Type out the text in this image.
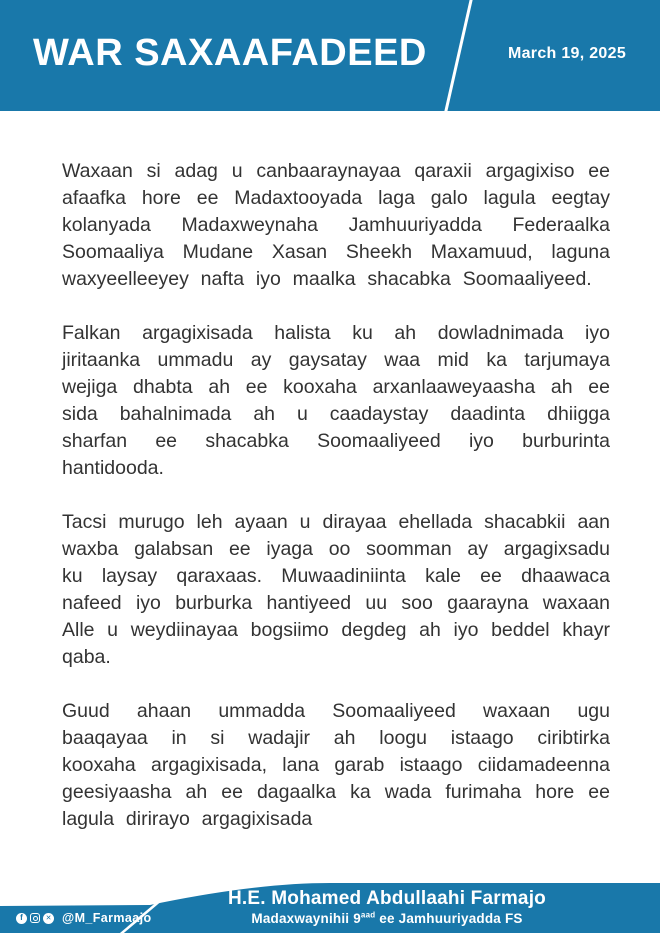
WAR SAXAAFADEED	March 19, 2025

Waxaan si adag u canbaaraynayaa qaraxii argagixiso ee afaafka hore ee Madaxtooyada laga galo lagula eegtay kolanyada Madaxweynaha Jamhuuriyadda Federaalka Soomaaliya Mudane Xasan Sheekh Maxamuud, laguna waxyeelleeyey nafta iyo maalka shacabka Soomaaliyeed.

Falkan argagixisada halista ku ah dowladnimada iyo jiritaanka ummadu ay gaysatay waa mid ka tarjumaya wejiga dhabta ah ee kooxaha arxanlaaweyaasha ah ee sida bahalnimada ah u caadaystay daadinta dhiigga sharfan ee shacabka Soomaaliyeed iyo burburinta hantidooda.

Tacsi murugo leh ayaan u dirayaa ehellada shacabkii aan waxba galabsan ee iyaga oo soomman ay argagixsadu ku laysay qaraxaas. Muwaadiniinta kale ee dhaawaca nafeed iyo burburka hantiyeed uu soo gaarayna waxaan Alle u weydiinayaa bogsiimo degdeg ah iyo beddel khayr qaba.

Guud ahaan ummadda Soomaaliyeed waxaan ugu baaqayaa in si wadajir ah loogu istaago ciribtirka kooxaha argagixisada, lana garab istaago ciidamadeenna geesiyaasha ah ee dagaalka ka wada furimaha hore ee lagula dirirayo argagixisada

f	✕ @M_Farmaajo
H.E. Mohamed Abdullaahi Farmajo
Madaxwaynihii $9^{aad}$ ee Jamhuuriyadda FS
